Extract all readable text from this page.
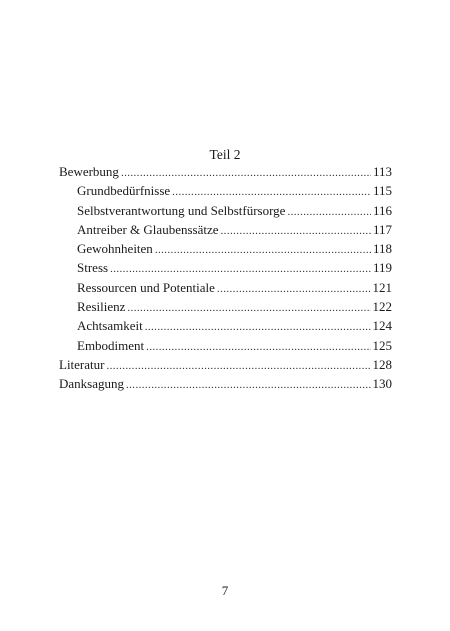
Teil 2
Bewerbung .....	113
Grundbedürfnisse .....	115
Selbstverantwortung und Selbstfürsorge .....	116
Antreiber & Glaubenssätze .....	117
Gewohnheiten .....	118
Stress .....	119
Ressourcen und Potentiale .....	121
Resilienz .....	122
Achtsamkeit .....	124
Embodiment .....	125
Literatur .....	128
Danksagung .....	130
7
